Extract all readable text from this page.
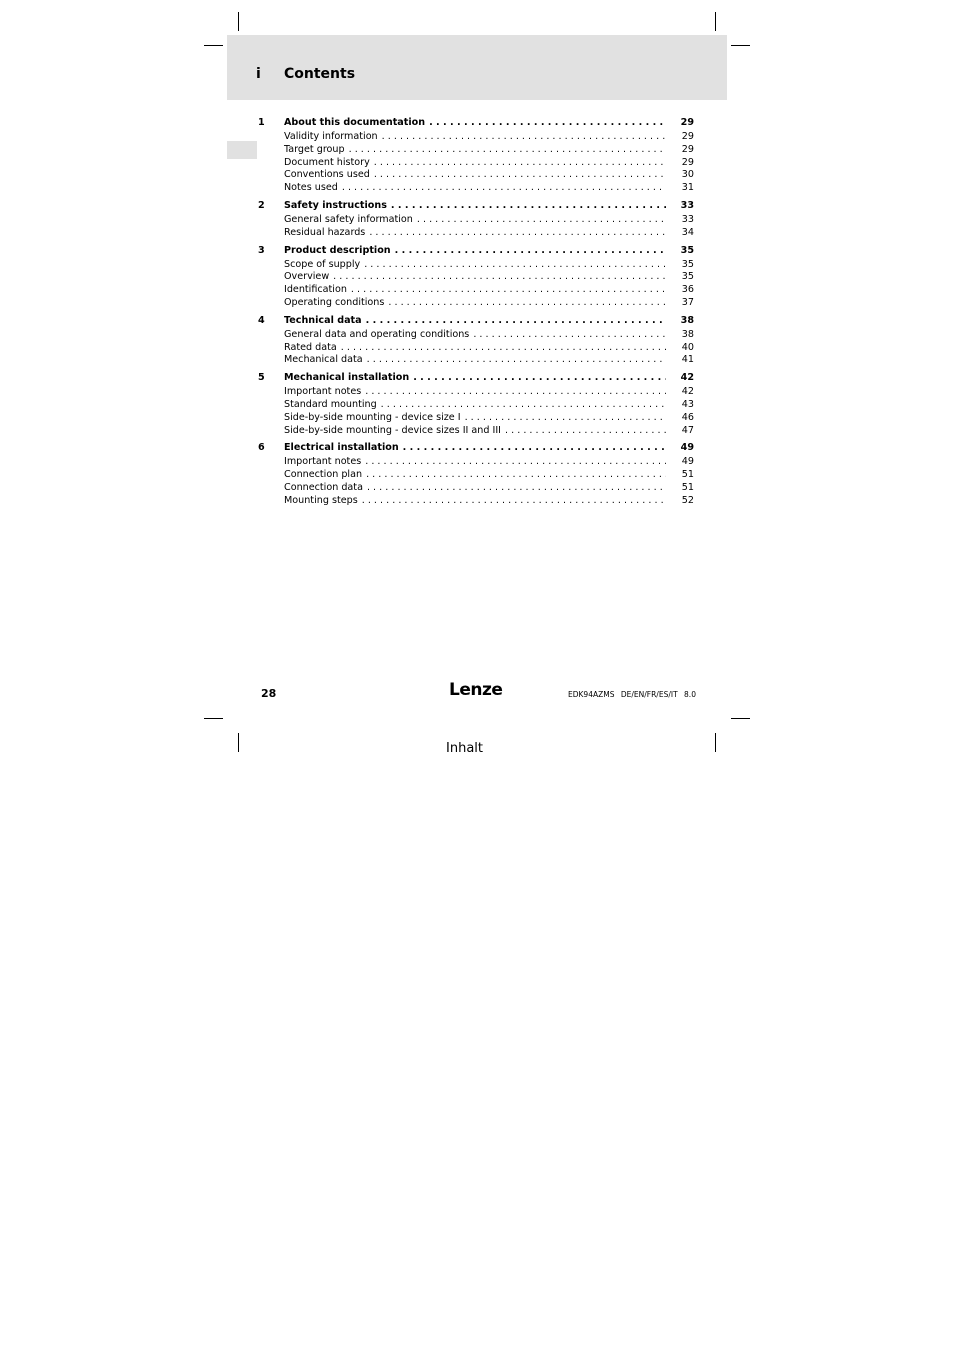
i Contents
1	About this documentation . . .	29
Validity information . . .	29
Target group . . .	29
Document history . . .	29
Conventions used . . .	30
Notes used . . .	31
2	Safety instructions . . .	33
General safety information . . .	33
Residual hazards . . .	34
3	Product description . . .	35
Scope of supply . . .	35
Overview . . .	35
Identification . . .	36
Operating conditions . . .	37
4	Technical data . . .	38
General data and operating conditions . . .	38
Rated data . . .	40
Mechanical data . . .	41
5	Mechanical installation . . .	42
Important notes . . .	42
Standard mounting . . .	43
Side-by-side mounting - device size I . . .	46
Side-by-side mounting - device sizes II and III . . .	47
6	Electrical installation . . .	49
Important notes . . .	49
Connection plan . . .	51
Connection data . . .	51
Mounting steps . . .	52
28	Lenze	EDK94AZMS DE/EN/FR/ES/IT 8.0
Inhalt
